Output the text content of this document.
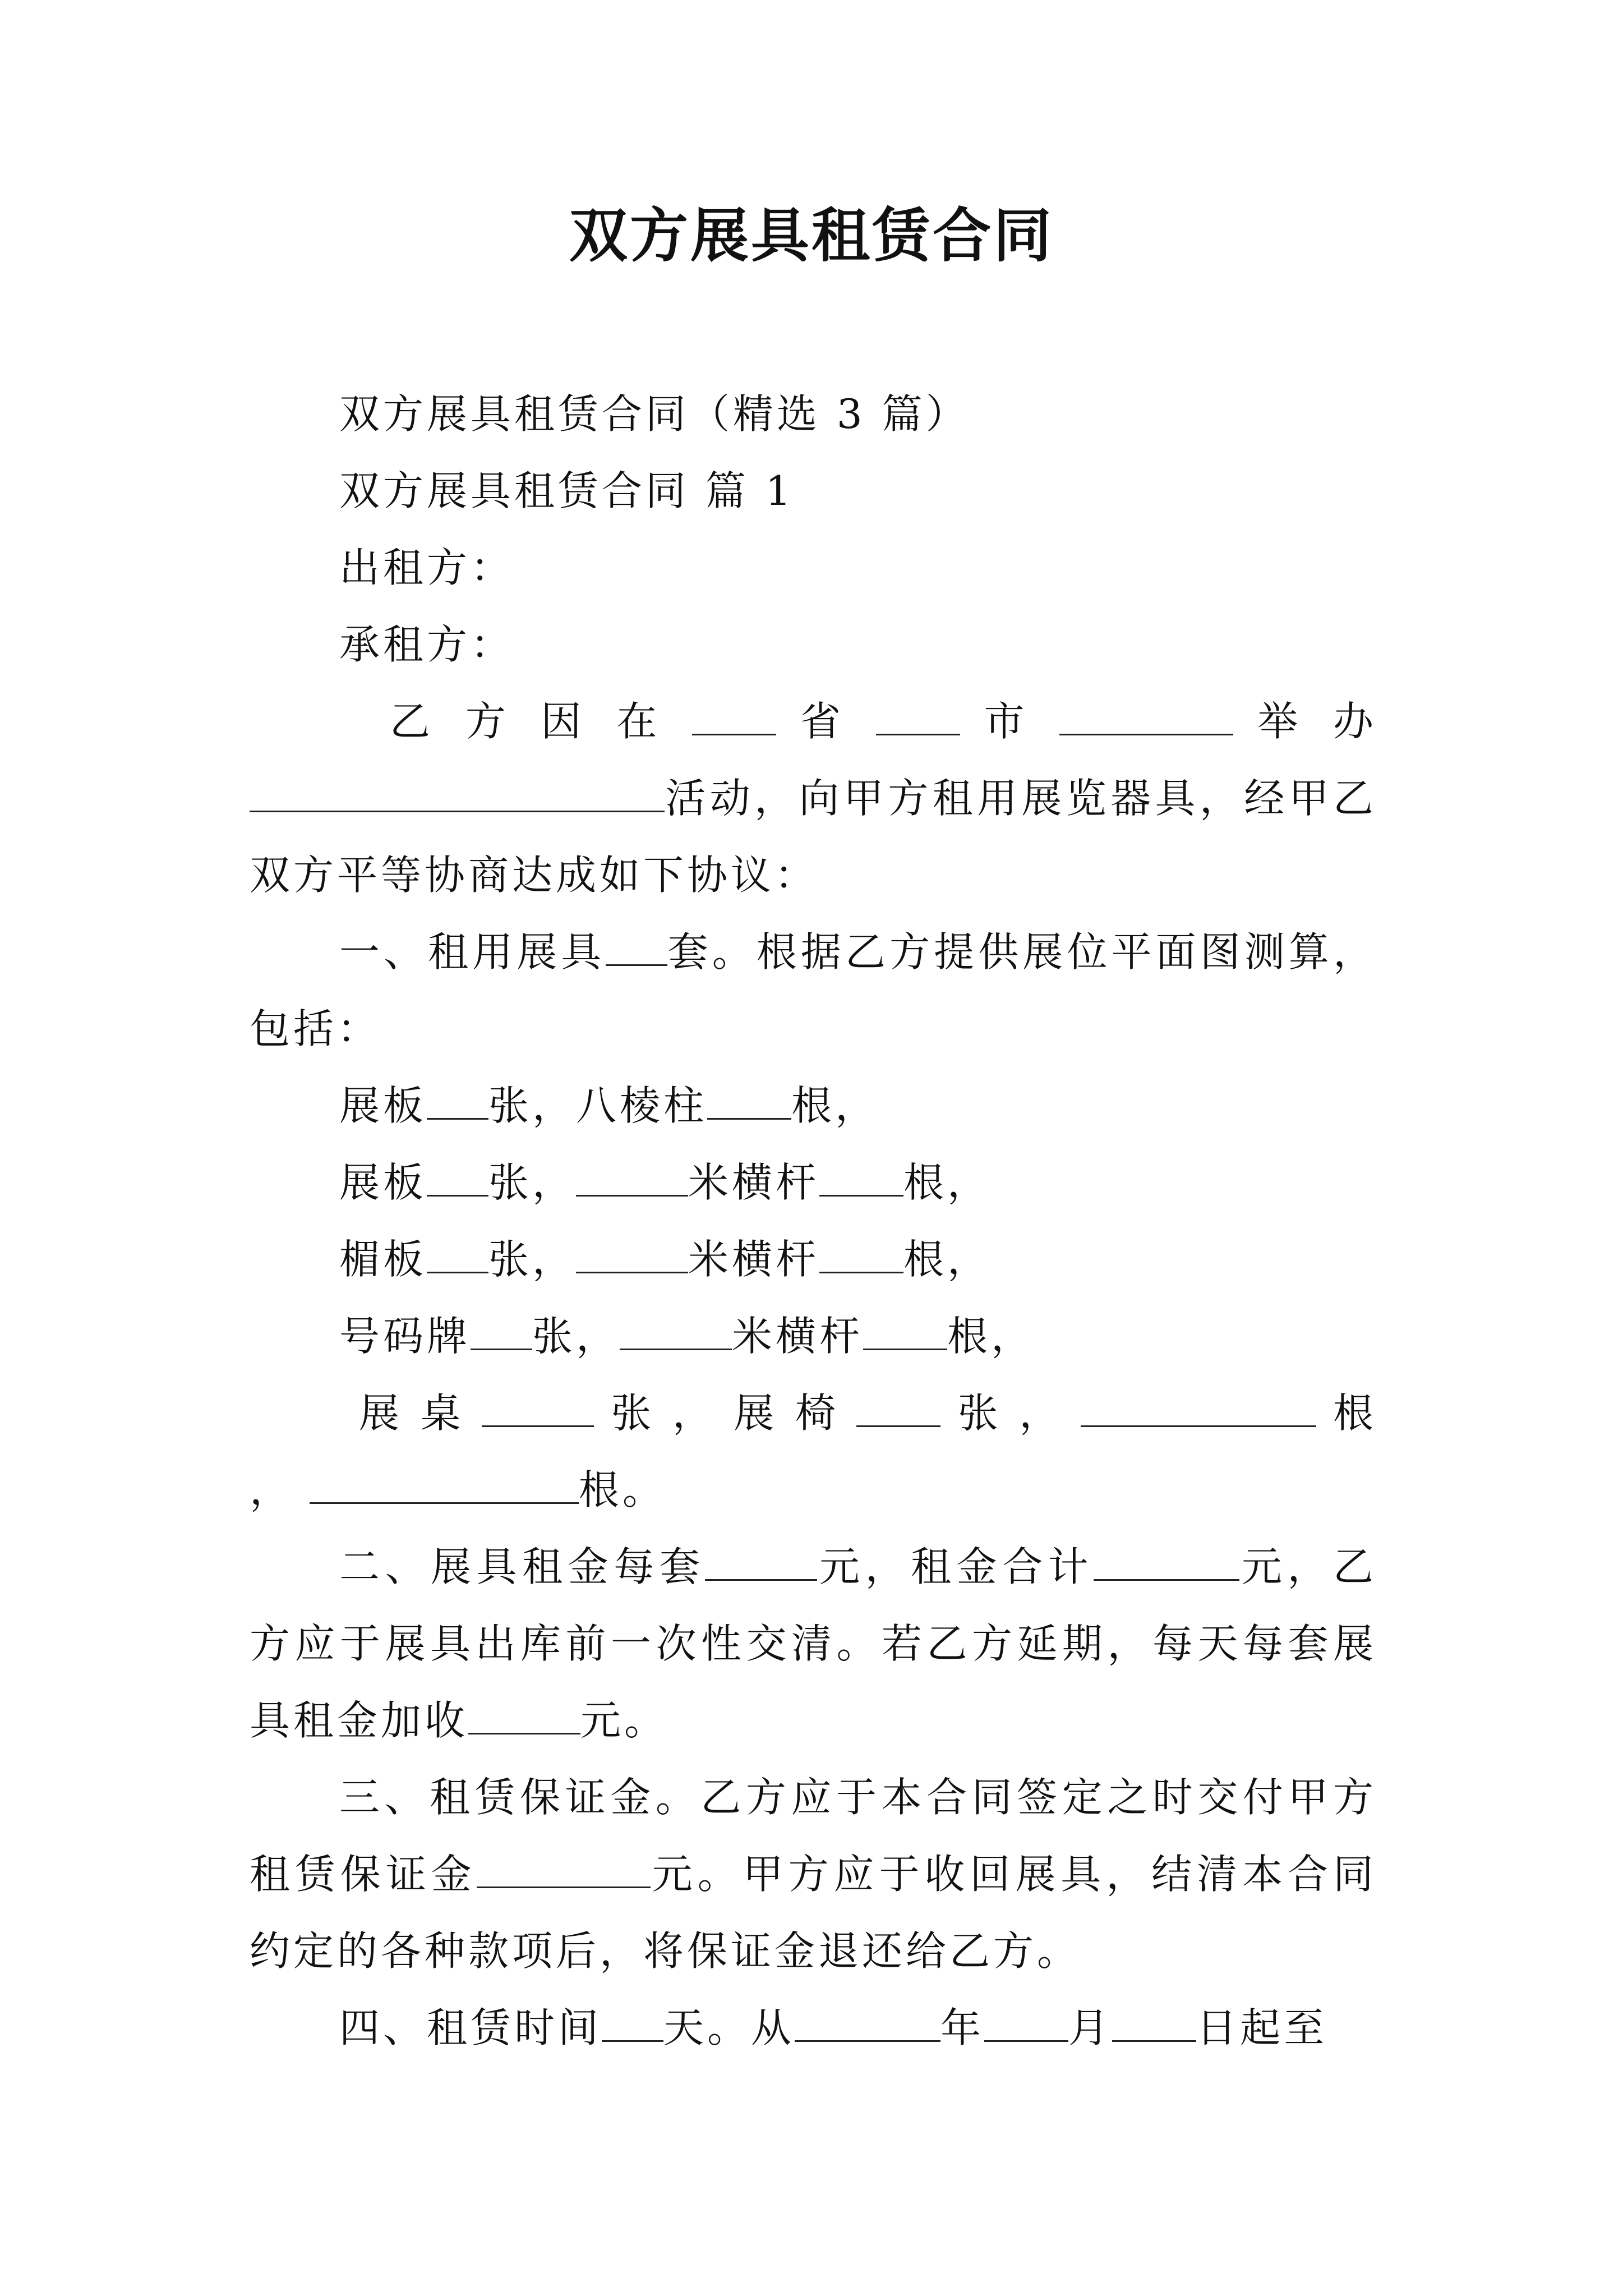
双方展具租赁合同

双方展具租赁合同（精选 3 篇）

双方展具租赁合同 篇 1

出租方：

承租方：

乙 方 因 在	省	市	举 办 活动，向甲方租用展览器具，经甲乙双方平等协商达成如下协议：

一、租用展具 套。根据乙方提供展位平面图测算，包括：

展板 张，八棱柱 根，

展板 张，	米横杆 根，

楣板 张，	米横杆 根，

号码牌 张，	米横杆 根，

展 桌	张 ， 展 椅	张 ，	根 ，	根。

二、展具租金每套	元，租金合计	元，乙方应于展具出库前一次性交清。若乙方延期，每天每套展具租金加收	元。

三、租赁保证金。乙方应于本合同签定之时交付甲方租赁保证金	元。甲方应于收回展具，结清本合同约定的各种款项后，将保证金退还给乙方。

四、租赁时间 天。从	年 月 日起至
